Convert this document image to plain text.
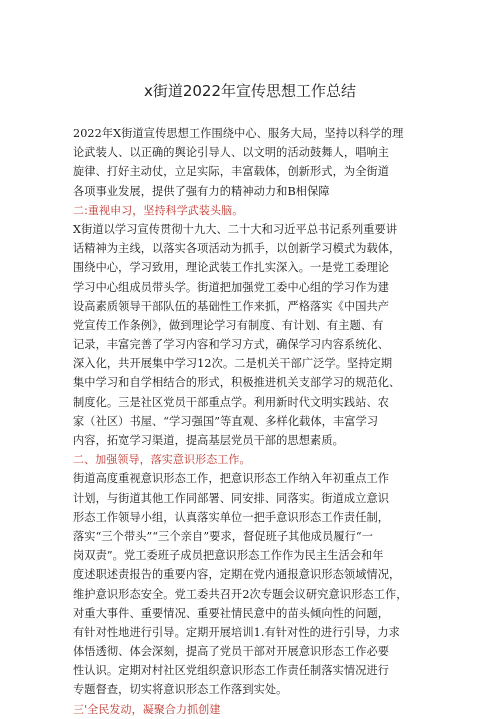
x街道2022年宣传思想工作总结
2022年X街道宣传思想工作围绕中心、服务大局，坚持以科学的理
论武装人、以正确的舆论引导人、以文明的活动鼓舞人，唱响主
旋律、打好主动仗，立足实际，丰富载体，创新形式，为全街道
各项事业发展，提供了强有力的精神动力和B相保障
二:重视申习，坚持科学武装头脑。
X街道以学习宣传贯彻十九大、二十大和习近平总书记系列重要讲
话精神为主线，以落实各项活动为抓手，以创新学习模式为载体，
围绕中心，学习致用，理论武装工作扎实深入。一是党工委理论
学习中心组成员带头学。街道把加强党工委中心组的学习作为建
设高素质领导干部队伍的基础性工作来抓，严格落实《中国共产
党宣传工作条例》，做到理论学习有制度、有计划、有主题、有
记录，丰富完善了学习内容和学习方式，确保学习内容系统化、
深入化，共开展集中学习12次。二是机关干部广泛学。坚持定期
集中学习和自学相结合的形式，积极推进机关支部学习的规范化、
制度化。三是社区党员干部重点学。利用新时代文明实践站、农
家（社区）书屋、“学习强国”等直观、多样化载体，丰富学习
内容，拓宽学习渠道，提高基层党员干部的思想素质。
二、加强领导，落实意识形态工作。
街道高度重视意识形态工作，把意识形态工作纳入年初重点工作
计划，与街道其他工作同部署、同安排、同落实。街道成立意识
形态工作领导小组，认真落实单位一把手意识形态工作责任制，
落实“三个带头”“三个亲自”要求，督促班子其他成员履行“一
岗双责”。党工委班子成员把意识形态工作作为民主生活会和年
度述职述责报告的重要内容，定期在党内通报意识形态领域情况，
维护意识形态安全。党工委共召开2次专题会议研究意识形态工作，
对重大事件、重要情况、重要社情民意中的苗头倾向性的问题，
有针对性地进行引导。定期开展培训1.有针对性的进行引导，力求
体悟透彻、体会深刻，提高了党员干部对开展意识形态工作必要
性认识。定期对村社区党组织意识形态工作责任制落实情况进行
专题督查，切实将意识形态工作落到实处。
三'全民发动，凝聚合力抓创建
